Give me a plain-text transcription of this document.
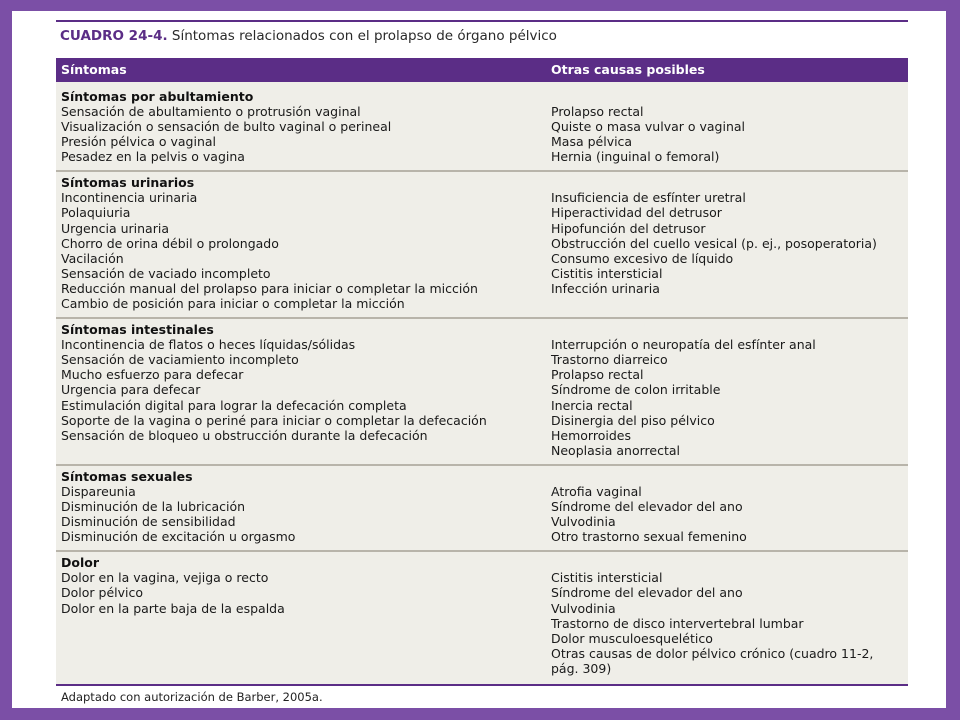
CUADRO 24-4. Síntomas relacionados con el prolapso de órgano pélvico
Síntomas	Otras causas posibles
Síntomas por abultamiento
Sensación de abultamiento o protrusión vaginal
Visualización o sensación de bulto vaginal o perineal
Presión pélvica o vaginal
Pesadez en la pelvis o vagina
Prolapso rectal
Quiste o masa vulvar o vaginal
Masa pélvica
Hernia (inguinal o femoral)
Síntomas urinarios
Incontinencia urinaria
Polaquiuria
Urgencia urinaria
Chorro de orina débil o prolongado
Vacilación
Sensación de vaciado incompleto
Reducción manual del prolapso para iniciar o completar la micción
Cambio de posición para iniciar o completar la micción
Insuficiencia de esfínter uretral
Hiperactividad del detrusor
Hipofunción del detrusor
Obstrucción del cuello vesical (p. ej., posoperatoria)
Consumo excesivo de líquido
Cistitis intersticial
Infección urinaria
Síntomas intestinales
Incontinencia de flatos o heces líquidas/sólidas
Sensación de vaciamiento incompleto
Mucho esfuerzo para defecar
Urgencia para defecar
Estimulación digital para lograr la defecación completa
Soporte de la vagina o periné para iniciar o completar la defecación
Sensación de bloqueo u obstrucción durante la defecación
Interrupción o neuropatía del esfínter anal
Trastorno diarreico
Prolapso rectal
Síndrome de colon irritable
Inercia rectal
Disinergia del piso pélvico
Hemorroides
Neoplasia anorrectal
Síntomas sexuales
Dispareunia
Disminución de la lubricación
Disminución de sensibilidad
Disminución de excitación u orgasmo
Atrofia vaginal
Síndrome del elevador del ano
Vulvodinia
Otro trastorno sexual femenino
Dolor
Dolor en la vagina, vejiga o recto
Dolor pélvico
Dolor en la parte baja de la espalda
Cistitis intersticial
Síndrome del elevador del ano
Vulvodinia
Trastorno de disco intervertebral lumbar
Dolor musculoesquelético
Otras causas de dolor pélvico crónico (cuadro 11-2, pág. 309)
Adaptado con autorización de Barber, 2005a.
